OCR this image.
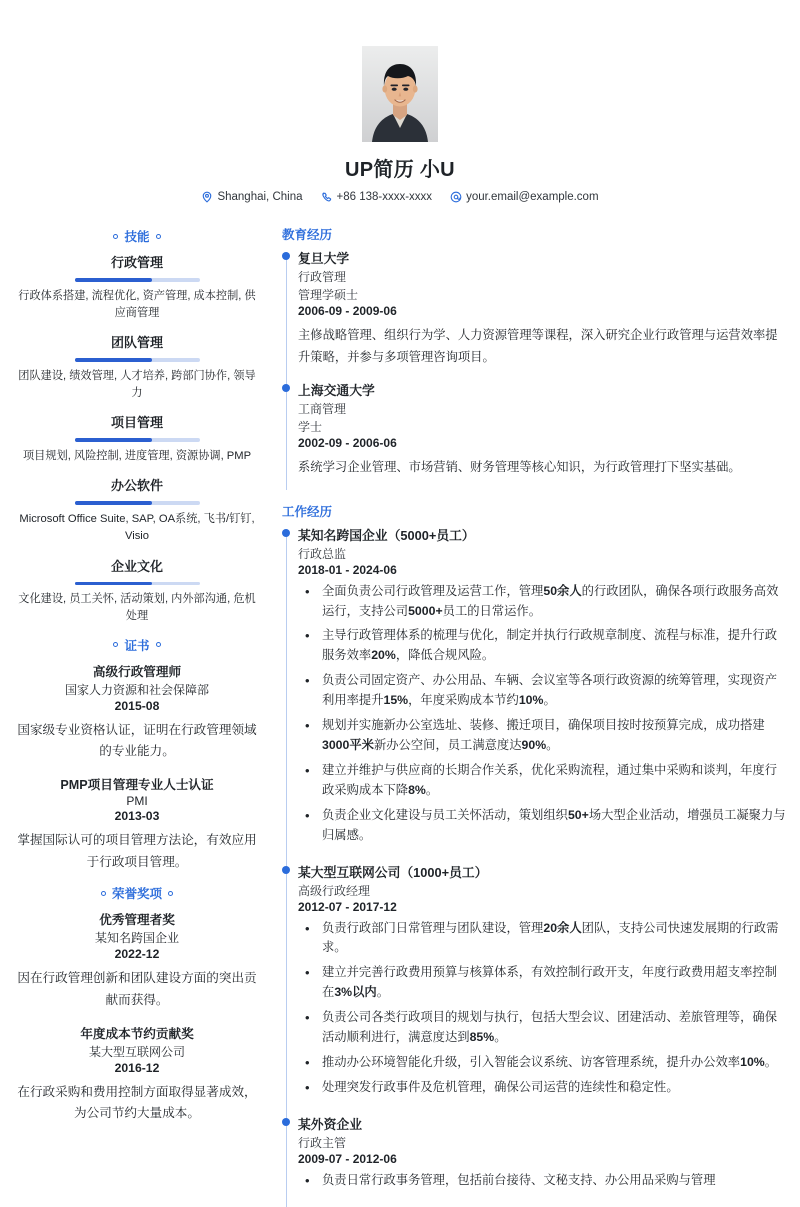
UP简历 小U
Shanghai, China	+86 138-xxxx-xxxx	your.email@example.com
技能
行政管理
行政体系搭建, 流程优化, 资产管理, 成本控制, 供应商管理
团队管理
团队建设, 绩效管理, 人才培养, 跨部门协作, 领导力
项目管理
项目规划, 风险控制, 进度管理, 资源协调, PMP
办公软件
Microsoft Office Suite, SAP, OA系统, 飞书/钉钉, Visio
企业文化
文化建设, 员工关怀, 活动策划, 内外部沟通, 危机处理
证书
高级行政管理师
国家人力资源和社会保障部
2015-08
国家级专业资格认证，证明在行政管理领域的专业能力。
PMP项目管理专业人士认证
PMI
2013-03
掌握国际认可的项目管理方法论，有效应用于行政项目管理。
荣誉奖项
优秀管理者奖
某知名跨国企业
2022-12
因在行政管理创新和团队建设方面的突出贡献而获得。
年度成本节约贡献奖
某大型互联网公司
2016-12
在行政采购和费用控制方面取得显著成效，为公司节约大量成本。
教育经历
复旦大学
行政管理
管理学硕士
2006-09 - 2009-06
主修战略管理、组织行为学、人力资源管理等课程，深入研究企业行政管理与运营效率提升策略，并参与多项管理咨询项目。
上海交通大学
工商管理
学士
2002-09 - 2006-06
系统学习企业管理、市场营销、财务管理等核心知识，为行政管理打下坚实基础。
工作经历
某知名跨国企业（5000+员工）
行政总监
2018-01 - 2024-06
• 全面负责公司行政管理及运营工作，管理50余人的行政团队，确保各项行政服务高效运行，支持公司5000+员工的日常运作。
• 主导行政管理体系的梳理与优化，制定并执行行政规章制度、流程与标准，提升行政服务效率20%，降低合规风险。
• 负责公司固定资产、办公用品、车辆、会议室等各项行政资源的统筹管理，实现资产利用率提升15%，年度采购成本节约10%。
• 规划并实施新办公室选址、装修、搬迁项目，确保项目按时按预算完成，成功搭建3000平米新办公空间，员工满意度达90%。
• 建立并维护与供应商的长期合作关系，优化采购流程，通过集中采购和谈判，年度行政采购成本下降8%。
• 负责企业文化建设与员工关怀活动，策划组织50+场大型企业活动，增强员工凝聚力与归属感。
某大型互联网公司（1000+员工）
高级行政经理
2012-07 - 2017-12
• 负责行政部门日常管理与团队建设，管理20余人团队，支持公司快速发展期的行政需求。
• 建立并完善行政费用预算与核算体系，有效控制行政开支，年度行政费用超支率控制在3%以内。
• 负责公司各类行政项目的规划与执行，包括大型会议、团建活动、差旅管理等，确保活动顺利进行，满意度达到85%。
• 推动办公环境智能化升级，引入智能会议系统、访客管理系统，提升办公效率10%。
• 处理突发行政事件及危机管理，确保公司运营的连续性和稳定性。
某外资企业
行政主管
2009-07 - 2012-06
• 负责日常行政事务管理，包括前台接待、文秘支持、办公用品采购与管理
